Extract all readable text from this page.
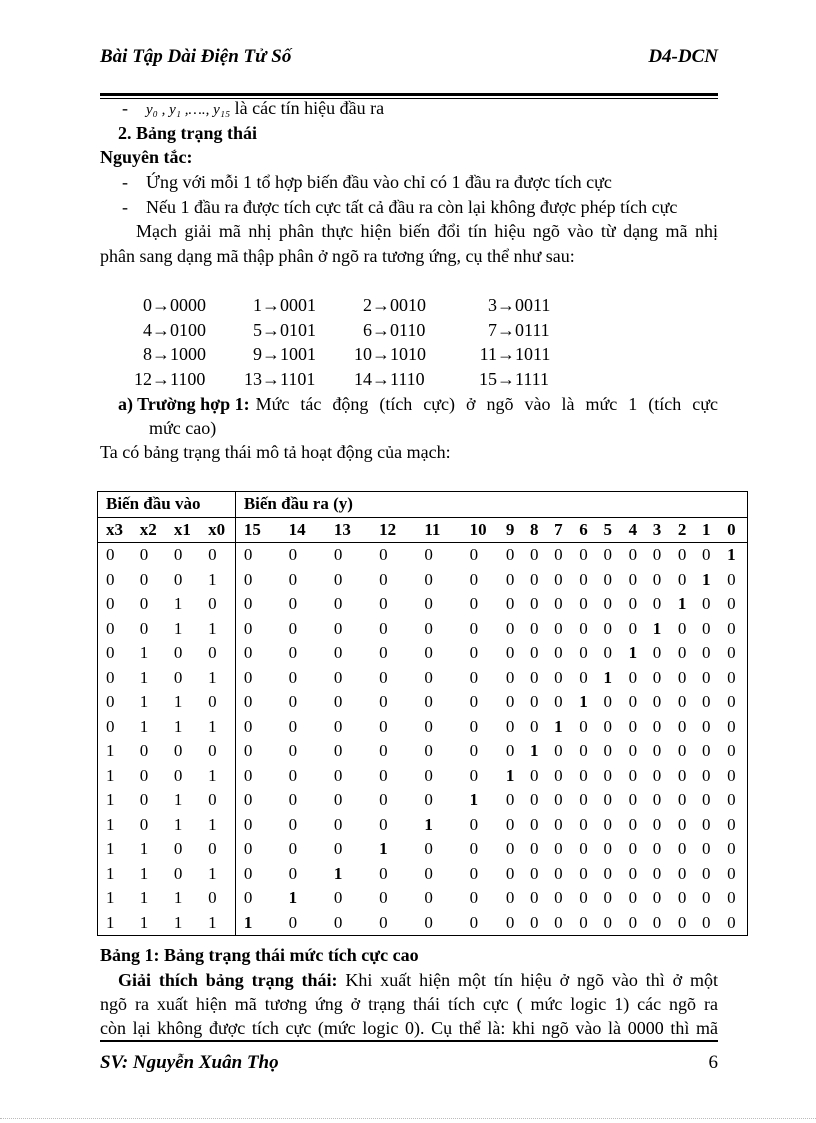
Bài Tập Dài Điện Tử Số	D4-DCN
- y₀ , y₁ ,…., y₁₅ là các tín hiệu đầu ra
2. Bảng trạng thái
Nguyên tắc:
-    Ứng với mỗi 1 tổ hợp biến đầu vào chỉ có 1 đầu ra được tích cực
-    Nếu 1 đầu ra được tích cực tất cả đầu ra còn lại không được phép tích cực
Mạch giải mã nhị phân thực hiện biến đổi tín hiệu ngõ vào từ dạng mã nhị
phân sang dạng mã thập phân ở ngõ ra tương ứng, cụ thể như sau:
0→0000	1→0001	2→0010	3→0011
4→0100	5→0101	6→0110	7→0111
8→1000	9→1001	10→1010	11→1011
12→1100	13→1101	14→1110	15→1111
a) Trường hợp 1: Mức tác động (tích cực) ở ngõ vào là mức 1 (tích cực
mức cao)
Ta có bảng trạng thái mô tả hoạt động của mạch:
Biến đầu vào				Biến đầu ra (y)															
x3	x2	x1	x0	15	14	13	12	11	10	9	8	7	6	5	4	3	2	1	0
0	0	0	0	0	0	0	0	0	0	0	0	0	0	0	0	0	0	0	1
0	0	0	1	0	0	0	0	0	0	0	0	0	0	0	0	0	0	1	0
0	0	1	0	0	0	0	0	0	0	0	0	0	0	0	0	0	1	0	0
0	0	1	1	0	0	0	0	0	0	0	0	0	0	0	0	1	0	0	0
0	1	0	0	0	0	0	0	0	0	0	0	0	0	0	1	0	0	0	0
0	1	0	1	0	0	0	0	0	0	0	0	0	0	1	0	0	0	0	0
0	1	1	0	0	0	0	0	0	0	0	0	0	1	0	0	0	0	0	0
0	1	1	1	0	0	0	0	0	0	0	0	1	0	0	0	0	0	0	0
1	0	0	0	0	0	0	0	0	0	0	1	0	0	0	0	0	0	0	0
1	0	0	1	0	0	0	0	0	0	1	0	0	0	0	0	0	0	0	0
1	0	1	0	0	0	0	0	0	1	0	0	0	0	0	0	0	0	0	0
1	0	1	1	0	0	0	0	1	0	0	0	0	0	0	0	0	0	0	0
1	1	0	0	0	0	0	1	0	0	0	0	0	0	0	0	0	0	0	0
1	1	0	1	0	0	1	0	0	0	0	0	0	0	0	0	0	0	0	0
1	1	1	0	0	1	0	0	0	0	0	0	0	0	0	0	0	0	0	0
1	1	1	1	1	0	0	0	0	0	0	0	0	0	0	0	0	0	0	0
Bảng 1: Bảng trạng thái mức tích cực cao
Giải thích bảng trạng thái: Khi xuất hiện một tín hiệu ở ngõ vào thì ở một
ngõ ra xuất hiện mã tương ứng ở trạng thái tích cực ( mức logic 1) các ngõ ra
còn lại không được tích cực (mức logic 0). Cụ thể là: khi ngõ vào là 0000 thì mã
SV: Nguyễn Xuân Thọ	6
